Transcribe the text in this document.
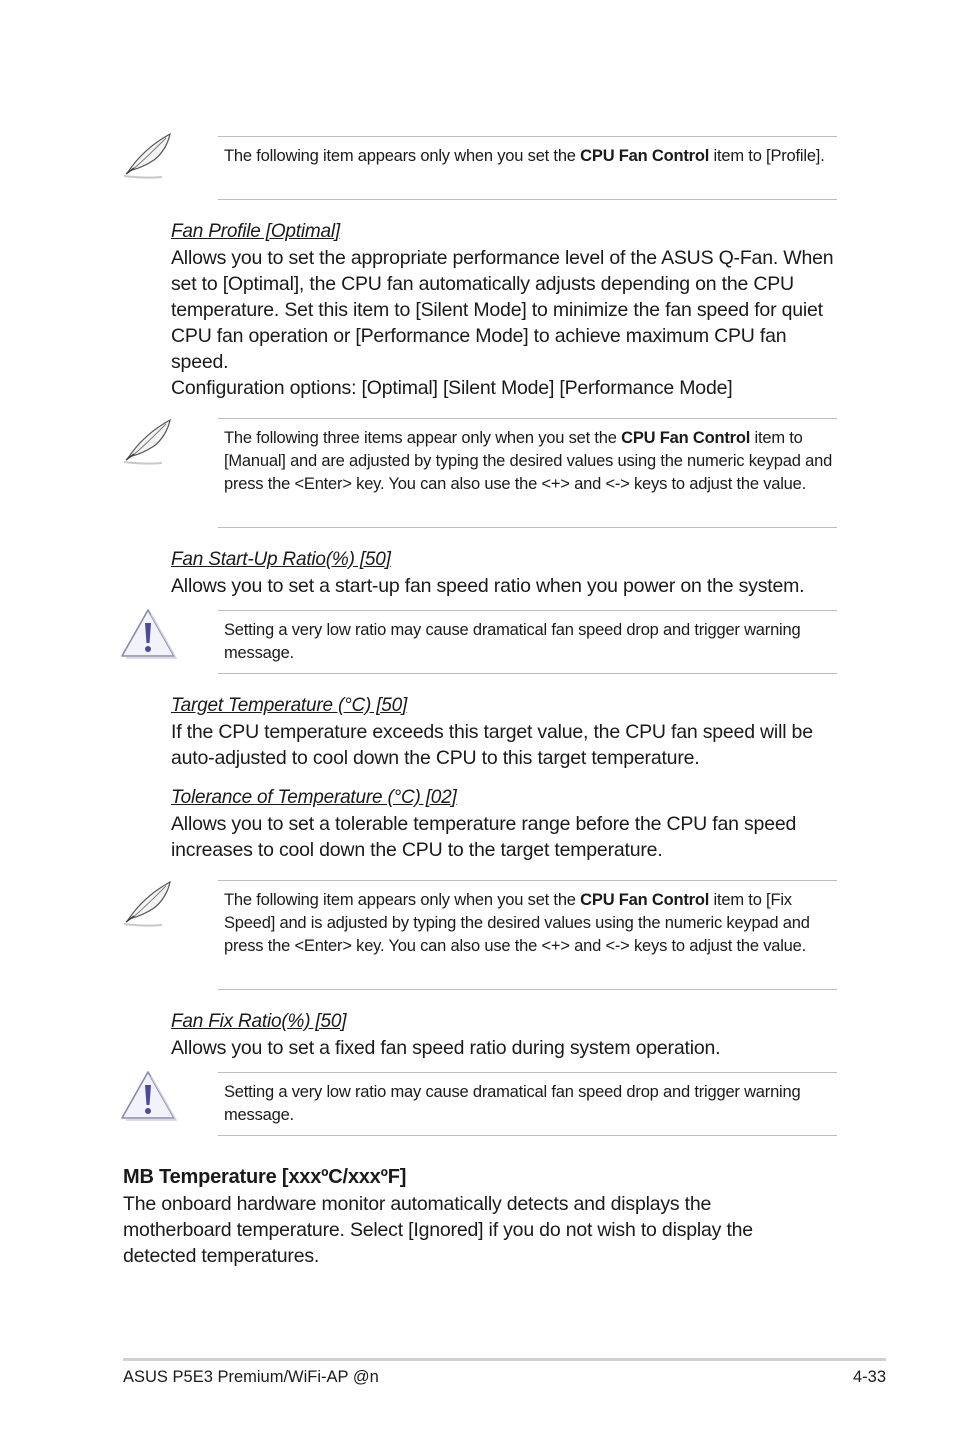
The following item appears only when you set the CPU Fan Control item to [Profile].
Fan Profile [Optimal]

Allows you to set the appropriate performance level of the ASUS Q-Fan. When set to [Optimal], the CPU fan automatically adjusts depending on the CPU temperature. Set this item to [Silent Mode] to minimize the fan speed for quiet CPU fan operation or [Performance Mode] to achieve maximum CPU fan speed.

Configuration options: [Optimal] [Silent Mode] [Performance Mode]

The following three items appear only when you set the CPU Fan Control item to [Manual] and are adjusted by typing the desired values using the numeric keypad and press the <Enter> key. You can also use the <+> and <-> keys to adjust the value.
Fan Start-Up Ratio(%) [50]
Allows you to set a start-up fan speed ratio when you power on the system.
Setting a very low ratio may cause dramatical fan speed drop and trigger warning message.
Target Temperature (°C) [50]
If the CPU temperature exceeds this target value, the CPU fan speed will be auto-adjusted to cool down the CPU to this target temperature.
Tolerance of Temperature (°C) [02]
Allows you to set a tolerable temperature range before the CPU fan speed increases to cool down the CPU to the target temperature.
The following item appears only when you set the CPU Fan Control item to [Fix Speed] and is adjusted by typing the desired values using the numeric keypad and press the <Enter> key. You can also use the <+> and <-> keys to adjust the value.
Fan Fix Ratio(%) [50]
Allows you to set a fixed fan speed ratio during system operation.
Setting a very low ratio may cause dramatical fan speed drop and trigger warning message.
MB Temperature [xxxºC/xxxºF]
The onboard hardware monitor automatically detects and displays the motherboard temperature. Select [Ignored] if you do not wish to display the detected temperatures.
ASUS P5E3 Premium/WiFi-AP @n	4-33
